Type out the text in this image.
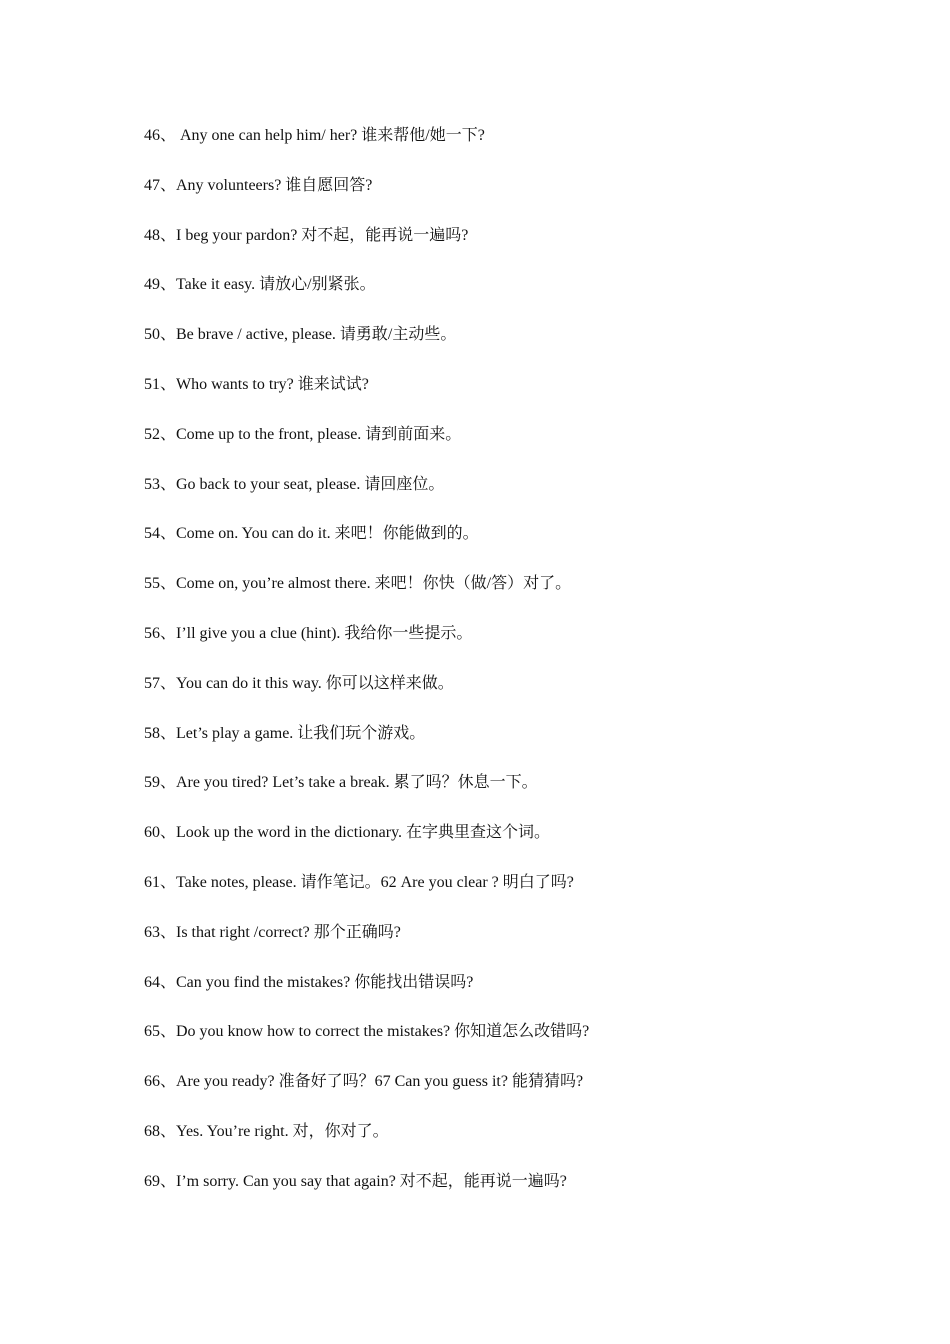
46、 Any one can help him/ her? 谁来帮他/她一下?
47、Any volunteers? 谁自愿回答?
48、I beg your pardon? 对不起，能再说一遍吗?
49、Take it easy. 请放心/别紧张。
50、Be brave / active, please. 请勇敢/主动些。
51、Who wants to try? 谁来试试?
52、Come up to the front, please. 请到前面来。
53、Go back to your seat, please. 请回座位。
54、Come on. You can do it. 来吧！你能做到的。
55、Come on, you’re almost there. 来吧！你快（做/答）对了。
56、I’ll give you a clue (hint). 我给你一些提示。
57、You can do it this way. 你可以这样来做。
58、Let’s play a game. 让我们玩个游戏。
59、Are you tired? Let’s take a break. 累了吗？休息一下。
60、Look up the word in the dictionary. 在字典里查这个词。
61、Take notes, please. 请作笔记。62 Are you clear ? 明白了吗?
63、Is that right /correct? 那个正确吗?
64、Can you find the mistakes? 你能找出错误吗?
65、Do you know how to correct the mistakes? 你知道怎么改错吗?
66、Are you ready? 准备好了吗？67 Can you guess it? 能猜猜吗?
68、Yes. You’re right. 对，你对了。
69、I’m sorry. Can you say that again? 对不起，能再说一遍吗?
